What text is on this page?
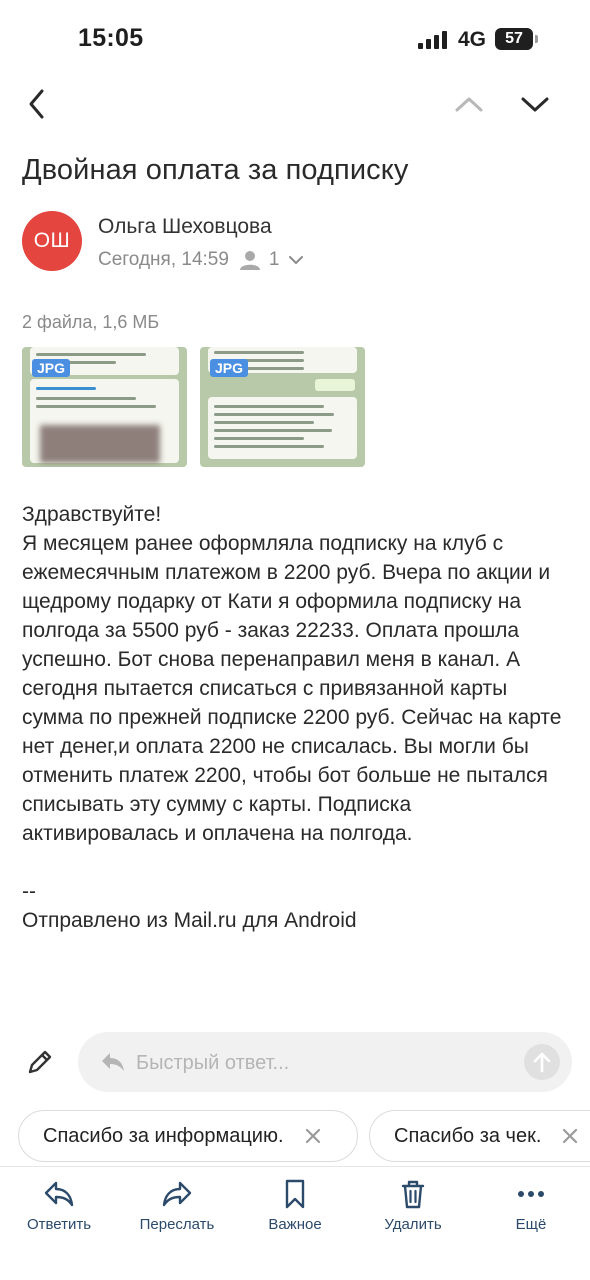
15:05	4G	57
Двойная оплата за подписку
ОШ
Ольга Шеховцова
Сегодня, 14:59 1
2 файла, 1,6 МБ
JPG	JPG
Здравствуйте!
Я месяцем ранее оформляла подписку на клуб с ежемесячным платежом в 2200 руб. Вчера по акции и щедрому подарку от Кати я оформила подписку на полгода за 5500 руб - заказ 22233. Оплата прошла успешно. Бот снова перенаправил меня в канал. А сегодня пытается списаться с привязанной карты сумма по прежней подписке 2200 руб. Сейчас на карте нет денег,и оплата 2200 не списалась. Вы могли бы отменить платеж 2200, чтобы бот больше не пытался списывать эту сумму с карты. Подписка активировалась и оплачена на полгода.

--
Отправлено из Mail.ru для Android
Быстрый ответ...
Спасибо за информацию.	Спасибо за чек.
Ответить	Переслать	Важное	Удалить	Ещё
